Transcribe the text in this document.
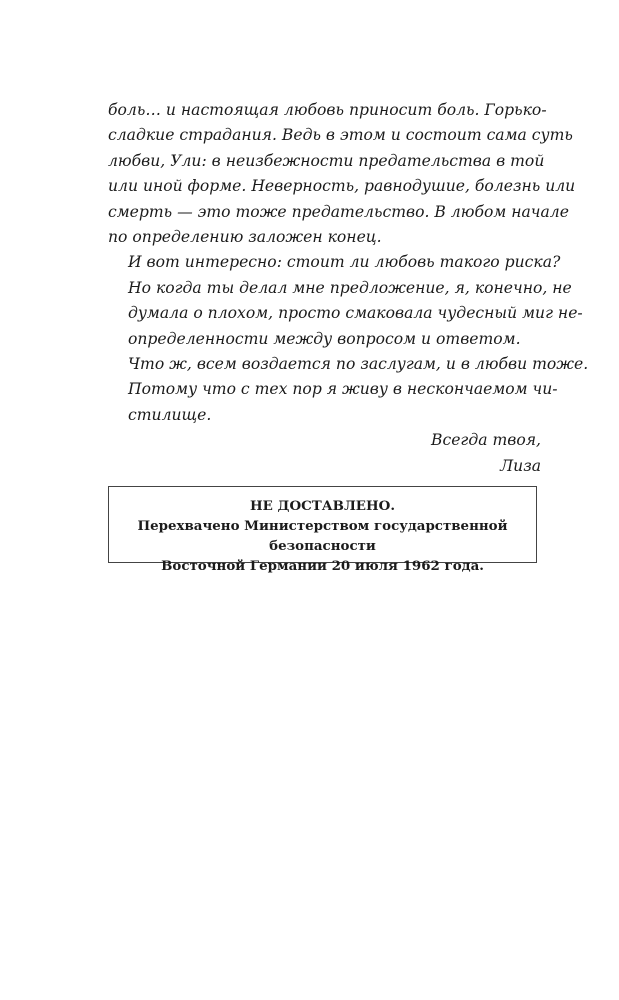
боль… и настоящая любовь приносит боль. Горько-
сладкие страдания. Ведь в этом и состоит сама суть
любви, Ули: в неизбежности предательства в той
или иной форме. Неверность, равнодушие, болезнь или
смерть — это тоже предательство. В любом начале
по определению заложен конец.

И вот интересно: стоит ли любовь такого риска?

Но когда ты делал мне предложение, я, конечно, не
думала о плохом, просто смаковала чудесный миг не-
определенности между вопросом и ответом.

Что ж, всем воздается по заслугам, и в любви тоже.

Потому что с тех пор я живу в нескончаемом чи-
стилище.

Всегда твоя,

Лиза

НЕ ДОСТАВЛЕНО.
Перехвачено Министерством государственной безопасности
Восточной Германии 20 июля 1962 года.
